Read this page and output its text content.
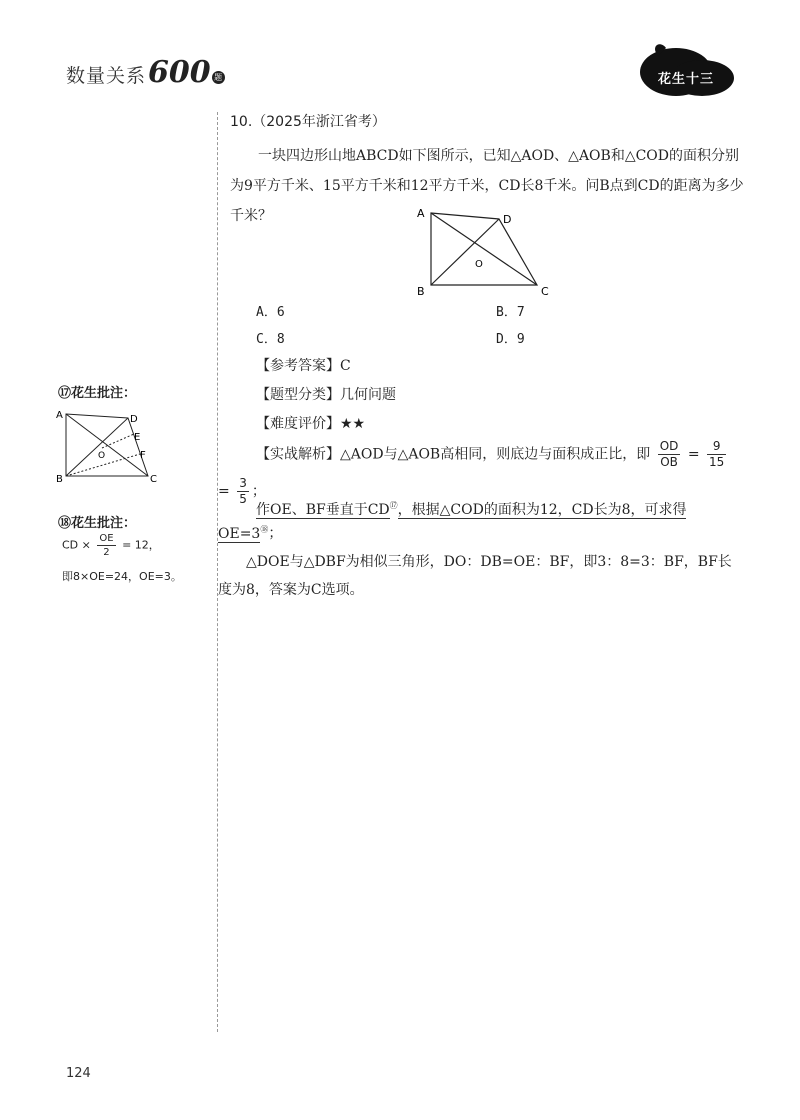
数量关系 600 题	花生十三
10.（2025年浙江省考）
一块四边形山地ABCD如下图所示，已知△AOD、△AOB和△COD的面积分别为9平方千米、15平方千米和12平方千米，CD长8千米。问B点到CD的距离为多少千米？	A	D
B	C
O
A．6	B．7
C．8	D．9
【参考答案】C
【题型分类】几何问题
【难度评价】★★
【实战解析】△AOD与△AOB高相同，则底边与面积成正比，即 $\frac{OD}{OB} = \frac{9}{15}$
= $\frac{3}{5}$ ；
作OE、BF垂直于CD⑰，根据△COD的面积为12，CD长为8，可求得
OE=3⑱；
△DOE与△DBF为相似三角形，DO：DB=OE：BF，即3：8=3：BF，BF长度为8，答案为C选项。
⑰花生批注：
A	D
E
F
O
B	C
⑱花生批注：
CD × $\frac{OE}{2} = 12$，
即8×OE=24，OE=3。
124
